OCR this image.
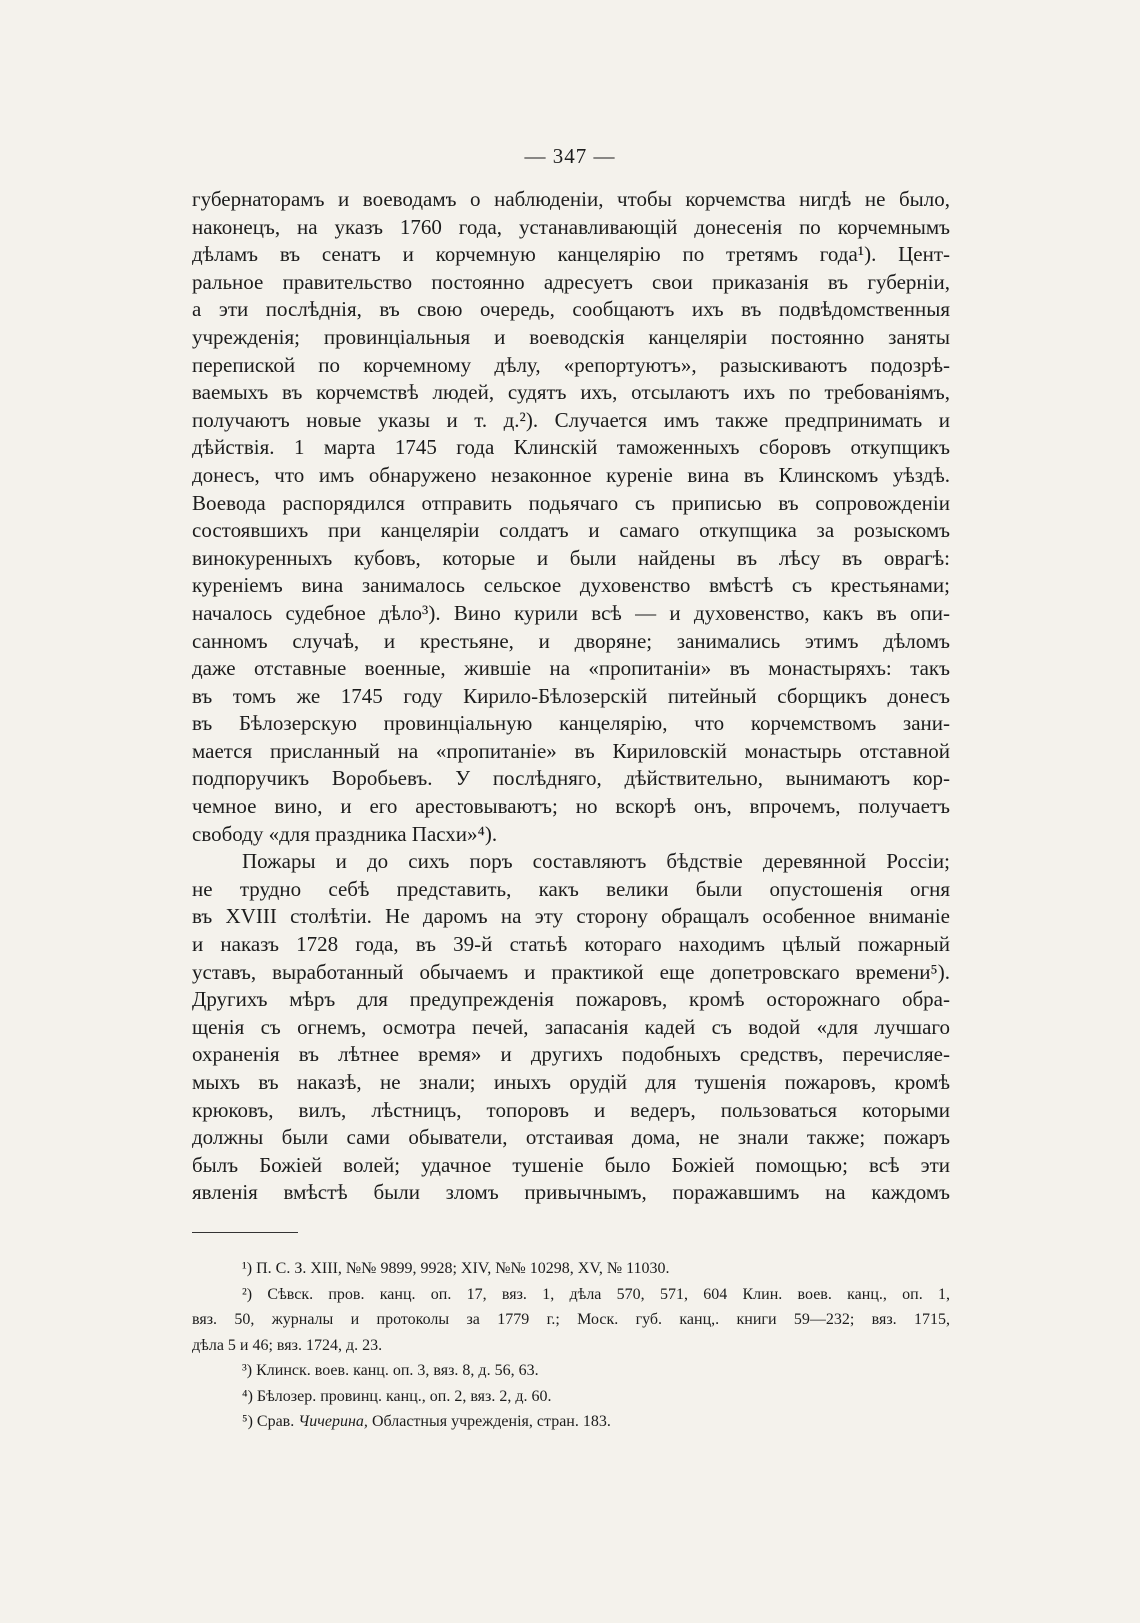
— 347 —
губернаторамъ и воеводамъ о наблюденіи, чтобы корчемства нигдѣ не было,
наконецъ, на указъ 1760 года, устанавливающій донесенія по корчемнымъ
дѣламъ въ сенатъ и корчемную канцелярію по третямъ года¹). Цент-
ральное правительство постоянно адресуетъ свои приказанія въ губерніи,
а эти послѣднія, въ свою очередь, сообщаютъ ихъ въ подвѣдомственныя
учрежденія; провинціальныя и воеводскія канцеляріи постоянно заняты
перепиской по корчемному дѣлу, «репортуютъ», разыскиваютъ подозрѣ-
ваемыхъ въ корчемствѣ людей, судятъ ихъ, отсылаютъ ихъ по требованіямъ,
получаютъ новые указы и т. д.²). Случается имъ также предпринимать и
дѣйствія. 1 марта 1745 года Клинскій таможенныхъ сборовъ откупщикъ
донесъ, что имъ обнаружено незаконное куреніе вина въ Клинскомъ уѣздѣ.
Воевода распорядился отправить подьячаго съ приписью въ сопровожденіи
состоявшихъ при канцеляріи солдатъ и самаго откупщика за розыскомъ
винокуренныхъ кубовъ, которые и были найдены въ лѣсу въ оврагѣ:
куреніемъ вина занималось сельское духовенство вмѣстѣ съ крестьянами;
началось судебное дѣло³). Вино курили всѣ — и духовенство, какъ въ опи-
санномъ случаѣ, и крестьяне, и дворяне; занимались этимъ дѣломъ
даже отставные военные, жившіе на «пропитаніи» въ монастыряхъ: такъ
въ томъ же 1745 году Кирило-Бѣлозерскій питейный сборщикъ донесъ
въ Бѣлозерскую провинціальную канцелярію, что корчемствомъ зани-
мается присланный на «пропитаніе» въ Кириловскій монастырь отставной
подпоручикъ Воробьевъ. У послѣдняго, дѣйствительно, вынимаютъ кор-
чемное вино, и его арестовываютъ; но вскорѣ онъ, впрочемъ, получаетъ
свободу «для праздника Пасхи»⁴).
Пожары и до сихъ поръ составляютъ бѣдствіе деревянной Россіи;
не трудно себѣ представить, какъ велики были опустошенія огня
въ XVIII столѣтіи. Не даромъ на эту сторону обращалъ особенное вниманіе
и наказъ 1728 года, въ 39-й статьѣ котораго находимъ цѣлый пожарный
уставъ, выработанный обычаемъ и практикой еще допетровскаго времени⁵).
Другихъ мѣръ для предупрежденія пожаровъ, кромѣ осторожнаго обра-
щенія съ огнемъ, осмотра печей, запасанія кадей съ водой «для лучшаго
охраненія въ лѣтнее время» и другихъ подобныхъ средствъ, перечисляе-
мыхъ въ наказѣ, не знали; иныхъ орудій для тушенія пожаровъ, кромѣ
крюковъ, вилъ, лѣстницъ, топоровъ и ведеръ, пользоваться которыми
должны были сами обыватели, отстаивая дома, не знали также; пожаръ
былъ Божіей волей; удачное тушеніе было Божіей помощью; всѣ эти
явленія вмѣстѣ были зломъ привычнымъ, поражавшимъ на каждомъ
¹) П. С. З. XIII, №№ 9899, 9928; XIV, №№ 10298, XV, № 11030.
²) Сѣвск. пров. канц. оп. 17, вяз. 1, дѣла 570, 571, 604 Клин. воев. канц., оп. 1,
вяз. 50, журналы и протоколы за 1779 г.; Моск. губ. канц,. книги 59—232; вяз. 1715,
дѣла 5 и 46; вяз. 1724, д. 23.
³) Клинск. воев. канц. оп. 3, вяз. 8, д. 56, 63.
⁴) Бѣлозер. провинц. канц., оп. 2, вяз. 2, д. 60.
⁵) Срав. Чичерина, Областныя учрежденія, стран. 183.
